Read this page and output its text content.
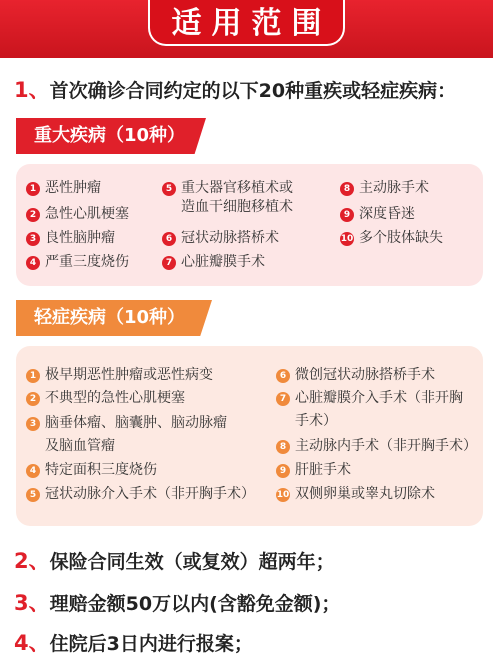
适用范围
1、首次确诊合同约定的以下20种重疾或轻症疾病：
重大疾病（10种）
1 恶性肿瘤
2 急性心肌梗塞
3 良性脑肿瘤
4 严重三度烧伤
5 重大器官移植术或
造血干细胞移植术
6 冠状动脉搭桥术
7 心脏瓣膜手术
8 主动脉手术
9 深度昏迷
10 多个肢体缺失
轻症疾病（10种）
1 极早期恶性肿瘤或恶性病变
2 不典型的急性心肌梗塞
3 脑垂体瘤、脑囊肿、脑动脉瘤
及脑血管瘤
4 特定面积三度烧伤
5 冠状动脉介入手术（非开胸手术）
6 微创冠状动脉搭桥手术
7 心脏瓣膜介入手术（非开胸
手术）
8 主动脉内手术（非开胸手术）
9 肝脏手术
10 双侧卵巢或睾丸切除术
2、保险合同生效（或复效）超两年；
3、理赔金额50万以内(含豁免金额)；
4、住院后3日内进行报案；
